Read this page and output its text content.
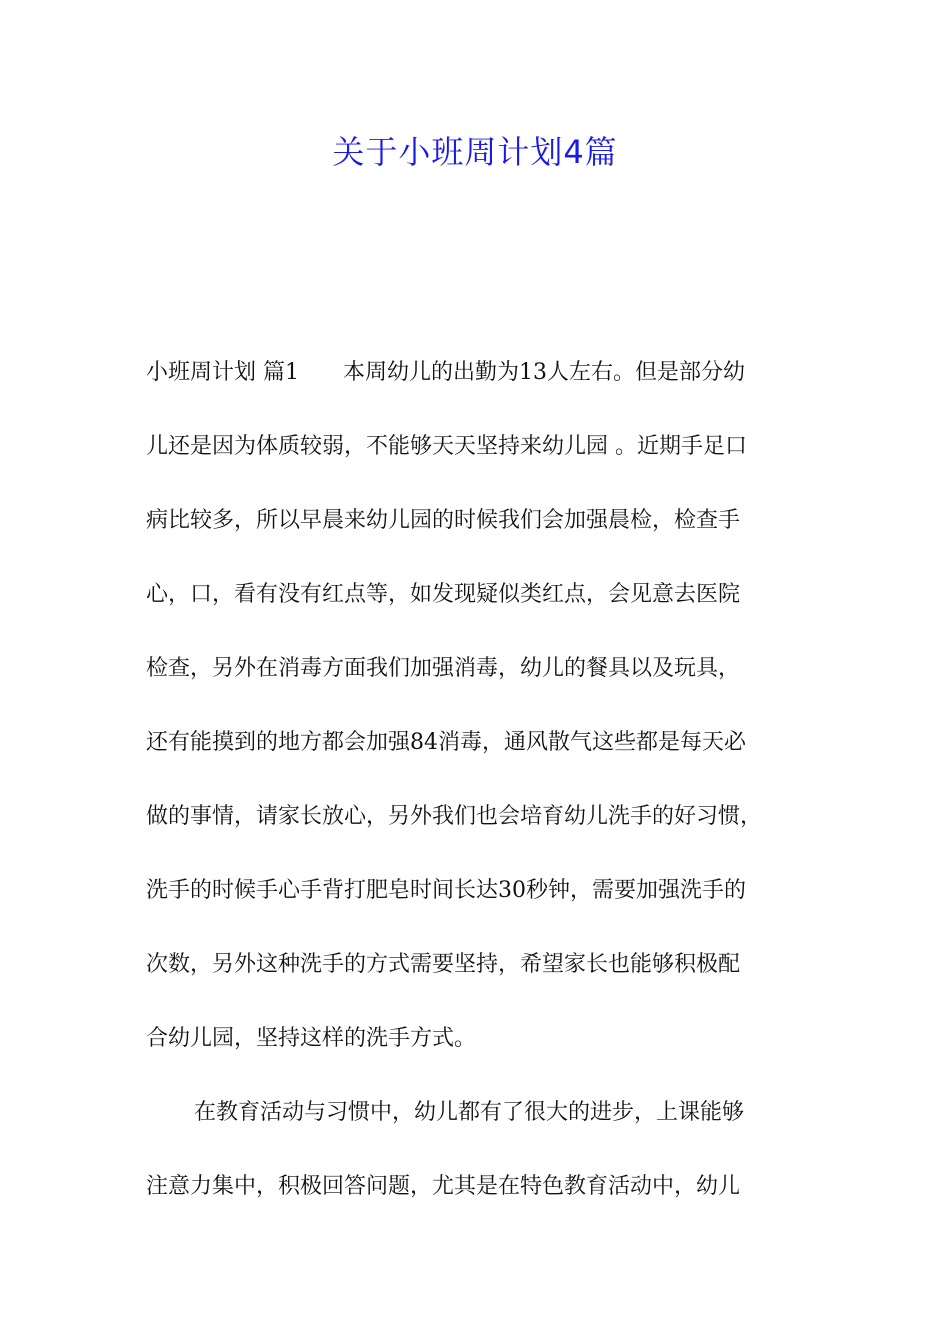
关于小班周计划4篇
小班周计划 篇1 本周幼儿的出勤为13人左右。但是部分幼
儿还是因为体质较弱，不能够天天坚持来幼儿园 。近期手足口
病比较多，所以早晨来幼儿园的时候我们会加强晨检，检查手
心，口，看有没有红点等，如发现疑似类红点，会见意去医院
检查，另外在消毒方面我们加强消毒，幼儿的餐具以及玩具，
还有能摸到的地方都会加强84消毒，通风散气这些都是每天必
做的事情，请家长放心，另外我们也会培育幼儿洗手的好习惯，
洗手的时候手心手背打肥皂时间长达30秒钟，需要加强洗手的
次数，另外这种洗手的方式需要坚持，希望家长也能够积极配
合幼儿园，坚持这样的洗手方式。
在教育活动与习惯中，幼儿都有了很大的进步，上课能够
注意力集中，积极回答问题，尤其是在特色教育活动中，幼儿
